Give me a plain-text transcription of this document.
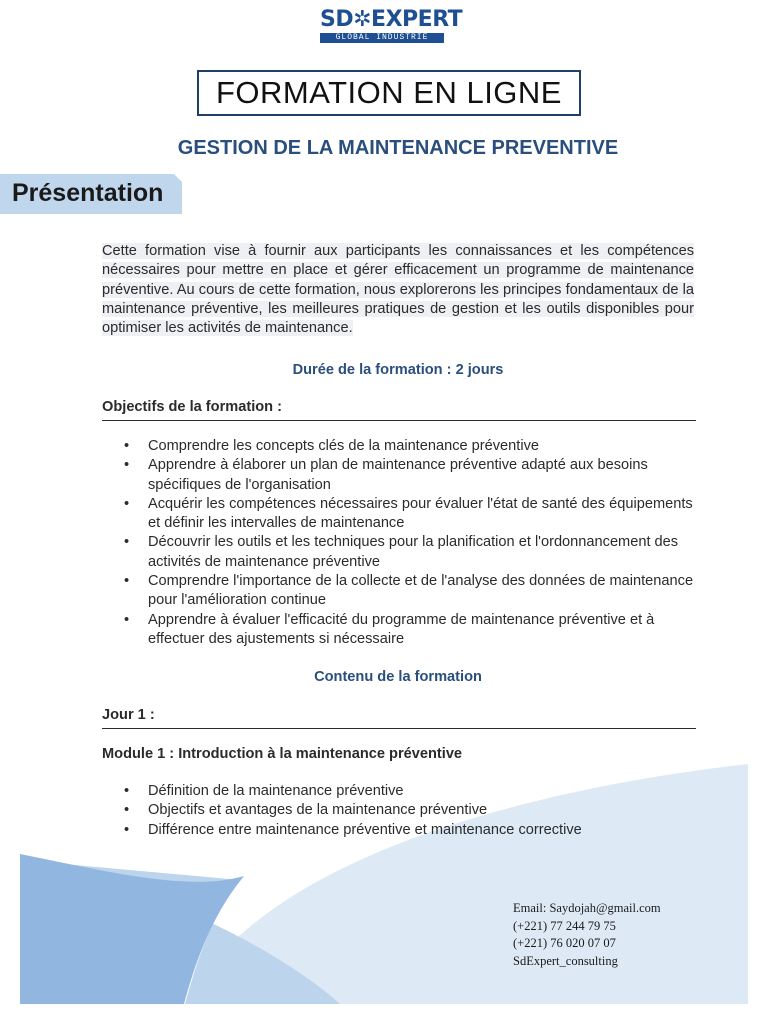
SD✲EXPERT
GLOBAL INDUSTRIE
FORMATION EN LIGNE
GESTION DE LA MAINTENANCE PREVENTIVE
Présentation
Cette formation vise à fournir aux participants les connaissances et les compétences nécessaires pour mettre en place et gérer efficacement un programme de maintenance préventive. Au cours de cette formation, nous explorerons les principes fondamentaux de la maintenance préventive, les meilleures pratiques de gestion et les outils disponibles pour optimiser les activités de maintenance.
Durée de la formation : 2 jours
Objectifs de la formation :
• Comprendre les concepts clés de la maintenance préventive
• Apprendre à élaborer un plan de maintenance préventive adapté aux besoins spécifiques de l'organisation
• Acquérir les compétences nécessaires pour évaluer l'état de santé des équipements et définir les intervalles de maintenance
• Découvrir les outils et les techniques pour la planification et l'ordonnancement des activités de maintenance préventive
• Comprendre l'importance de la collecte et de l'analyse des données de maintenance pour l'amélioration continue
• Apprendre à évaluer l'efficacité du programme de maintenance préventive et à effectuer des ajustements si nécessaire
Contenu de la formation
Jour 1 :
Module 1 : Introduction à la maintenance préventive
• Définition de la maintenance préventive
• Objectifs et avantages de la maintenance préventive
• Différence entre maintenance préventive et maintenance corrective
Email: Saydojah@gmail.com
(+221) 77 244 79 75
(+221) 76 020 07 07
SdExpert_consulting
